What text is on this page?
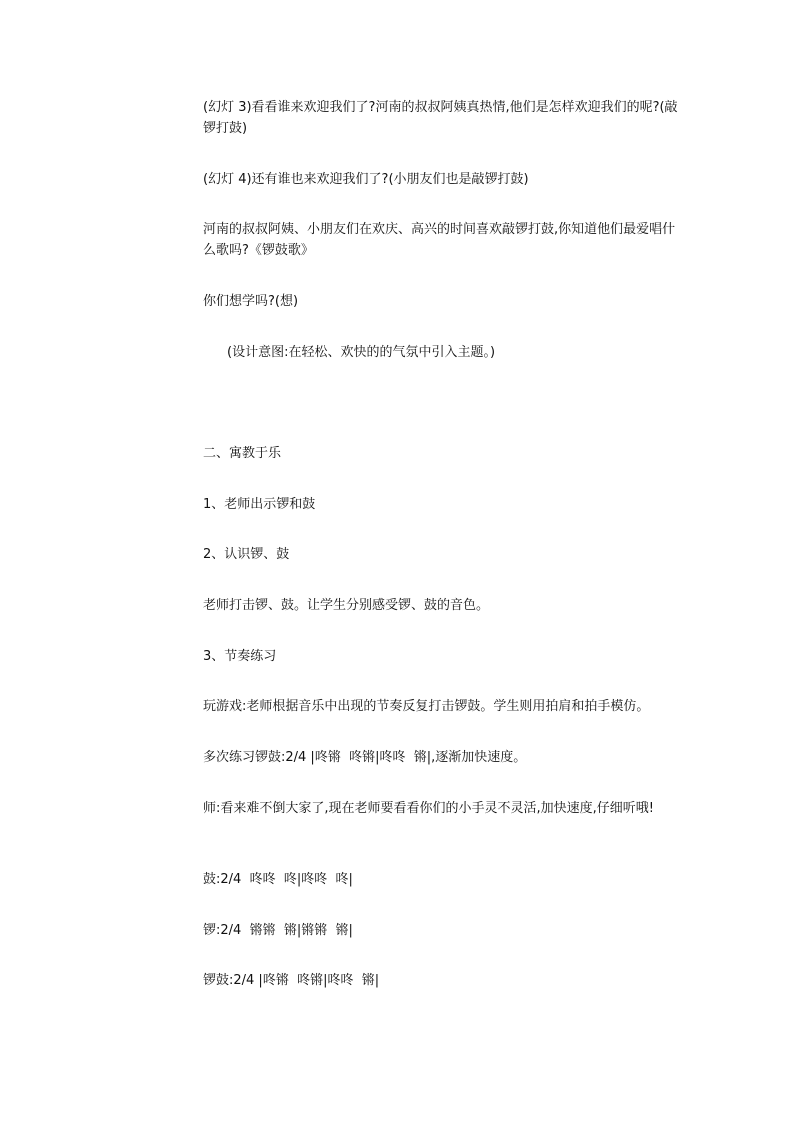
(幻灯 3)看看谁来欢迎我们了?河南的叔叔阿姨真热情,他们是怎样欢迎我们的呢?(敲锣打鼓)

(幻灯 4)还有谁也来欢迎我们了?(小朋友们也是敲锣打鼓)

河南的叔叔阿姨、小朋友们在欢庆、高兴的时间喜欢敲锣打鼓,你知道他们最爱唱什么歌吗?《锣鼓歌》

你们想学吗?(想)

(设计意图:在轻松、欢快的的气氛中引入主题。)

二、寓教于乐

1、老师出示锣和鼓

2、认识锣、鼓

老师打击锣、鼓。让学生分别感受锣、鼓的音色。

3、节奏练习

玩游戏:老师根据音乐中出现的节奏反复打击锣鼓。学生则用拍肩和拍手模仿。

多次练习锣鼓:2/4 |咚锵  咚锵|咚咚  锵|,逐渐加快速度。

师:看来难不倒大家了,现在老师要看看你们的小手灵不灵活,加快速度,仔细听哦!

鼓:2/4  咚咚  咚|咚咚  咚|

锣:2/4  锵锵  锵|锵锵  锵|

锣鼓:2/4 |咚锵  咚锵|咚咚  锵|
